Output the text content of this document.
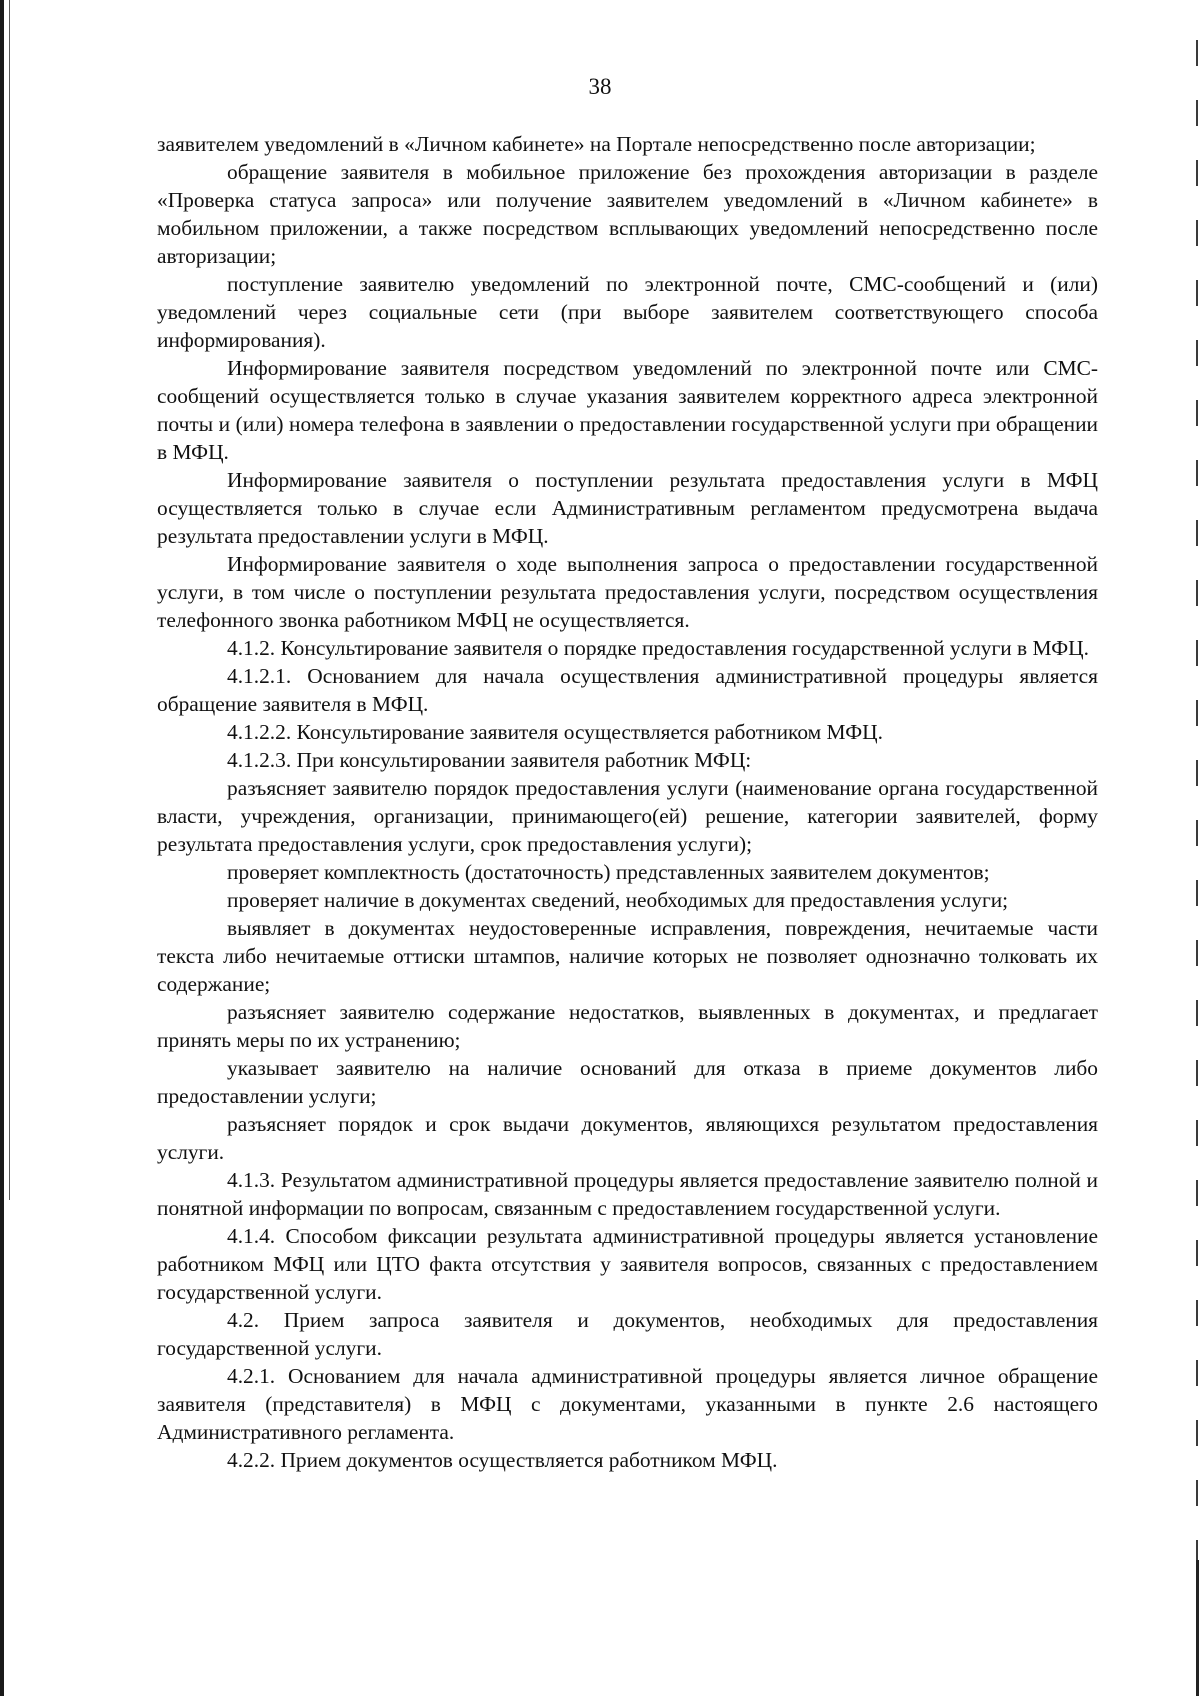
38

заявителем уведомлений в «Личном кабинете» на Портале непосредственно после авторизации;

обращение заявителя в мобильное приложение без прохождения авторизации в разделе «Проверка статуса запроса» или получение заявителем уведомлений в «Личном кабинете» в мобильном приложении, а также посредством всплывающих уведомлений непосредственно после авторизации;

поступление заявителю уведомлений по электронной почте, СМС-сообщений и (или) уведомлений через социальные сети (при выборе заявителем соответствующего способа информирования).

Информирование заявителя посредством уведомлений по электронной почте или СМС-сообщений осуществляется только в случае указания заявителем корректного адреса электронной почты и (или) номера телефона в заявлении о предоставлении государственной услуги при обращении в МФЦ.

Информирование заявителя о поступлении результата предоставления услуги в МФЦ осуществляется только в случае если Административным регламентом предусмотрена выдача результата предоставлении услуги в МФЦ.

Информирование заявителя о ходе выполнения запроса о предоставлении государственной услуги, в том числе о поступлении результата предоставления услуги, посредством осуществления телефонного звонка работником МФЦ не осуществляется.

4.1.2. Консультирование заявителя о порядке предоставления государственной услуги в МФЦ.

4.1.2.1. Основанием для начала осуществления административной процедуры является обращение заявителя в МФЦ.

4.1.2.2. Консультирование заявителя осуществляется работником МФЦ.

4.1.2.3. При консультировании заявителя работник МФЦ:

разъясняет заявителю порядок предоставления услуги (наименование органа государственной власти, учреждения, организации, принимающего(ей) решение, категории заявителей, форму результата предоставления услуги, срок предоставления услуги);

проверяет комплектность (достаточность) представленных заявителем документов;

проверяет наличие в документах сведений, необходимых для предоставления услуги;

выявляет в документах неудостоверенные исправления, повреждения, нечитаемые части текста либо нечитаемые оттиски штампов, наличие которых не позволяет однозначно толковать их содержание;

разъясняет заявителю содержание недостатков, выявленных в документах, и предлагает принять меры по их устранению;

указывает заявителю на наличие оснований для отказа в приеме документов либо предоставлении услуги;

разъясняет порядок и срок выдачи документов, являющихся результатом предоставления услуги.

4.1.3. Результатом административной процедуры является предоставление заявителю полной и понятной информации по вопросам, связанным с предоставлением государственной услуги.

4.1.4. Способом фиксации результата административной процедуры является установление работником МФЦ или ЦТО факта отсутствия у заявителя вопросов, связанных с предоставлением государственной услуги.

4.2. Прием запроса заявителя и документов, необходимых для предоставления государственной услуги.

4.2.1. Основанием для начала административной процедуры является личное обращение заявителя (представителя) в МФЦ с документами, указанными в пункте 2.6 настоящего Административного регламента.

4.2.2. Прием документов осуществляется работником МФЦ.
